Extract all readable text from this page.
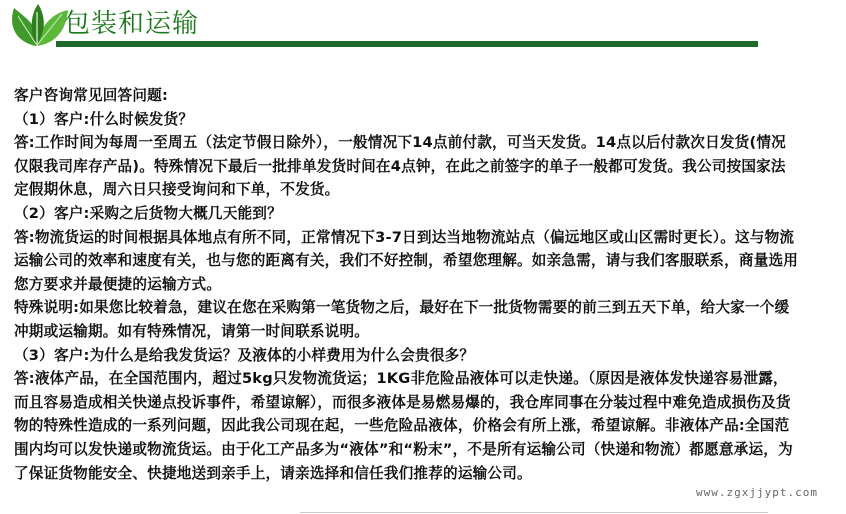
包装和运输

客户咨询常见回答问题:

（1）客户:什么时候发货？

答:工作时间为每周一至周五（法定节假日除外），一般情况下14点前付款，可当天发货。14点以后付款次日发货(情况仅限我司库存产品)。特殊情况下最后一批排单发货时间在4点钟，在此之前签字的单子一般都可发货。我公司按国家法定假期休息，周六日只接受询问和下单，不发货。

（2）客户:采购之后货物大概几天能到？

答:物流货运的时间根据具体地点有所不同，正常情况下3-7日到达当地物流站点（偏远地区或山区需时更长）。这与物流运输公司的效率和速度有关，也与您的距离有关，我们不好控制，希望您理解。如亲急需，请与我们客服联系，商量选用您方要求并最便捷的运输方式。

特殊说明:如果您比较着急，建议在您在采购第一笔货物之后，最好在下一批货物需要的前三到五天下单，给大家一个缓冲期或运输期。如有特殊情况，请第一时间联系说明。

（3）客户:为什么是给我发货运？及液体的小样费用为什么会贵很多？

答:液体产品，在全国范围内，超过5kg只发物流货运；1KG非危险品液体可以走快递。（原因是液体发快递容易泄露，而且容易造成相关快递点投诉事件，希望谅解），而很多液体是易燃易爆的，我仓库同事在分装过程中难免造成损伤及货物的特殊性造成的一系列问题，因此我公司现在起，一些危险品液体，价格会有所上涨，希望谅解。非液体产品:全国范围内均可以发快递或物流货运。由于化工产品多为“液体”和“粉末”，不是所有运输公司（快递和物流）都愿意承运，为了保证货物能安全、快捷地送到亲手上，请亲选择和信任我们推荐的运输公司。

www.zgxjjypt.com
